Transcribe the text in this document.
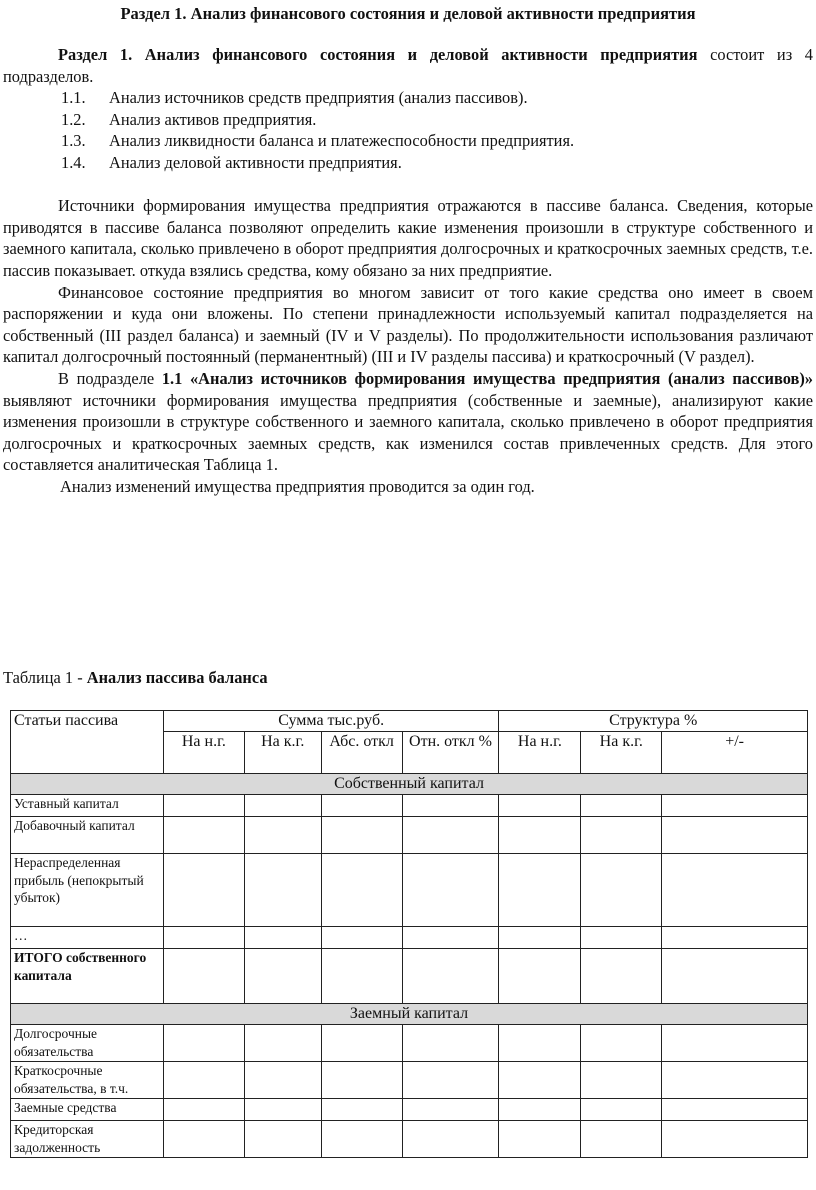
Раздел 1. Анализ финансового состояния и деловой активности предприятия

Раздел 1. Анализ финансового состояния и деловой активности предприятия состоит из 4 подразделов.

1.1.	Анализ источников средств предприятия (анализ пассивов).
1.2.	Анализ активов предприятия.
1.3.	Анализ ликвидности баланса и платежеспособности предприятия.
1.4.	Анализ деловой активности предприятия.

Источники формирования имущества предприятия отражаются в пассиве баланса. Сведения, которые приводятся в пассиве баланса позволяют определить какие изменения произошли в структуре собственного и заемного капитала, сколько привлечено в оборот предприятия долгосрочных и краткосрочных заемных средств, т.е. пассив показывает. откуда взялись средства, кому обязано за них предприятие.

Финансовое состояние предприятия во многом зависит от того какие средства оно имеет в своем распоряжении и куда они вложены. По степени принадлежности используемый капитал подразделяется на собственный (III раздел баланса) и заемный (IV и V разделы). По продолжительности использования различают капитал долгосрочный постоянный (перманентный) (III и IV разделы пассива) и краткосрочный (V раздел).

В подразделе 1.1 «Анализ источников формирования имущества предприятия (анализ пассивов)» выявляют источники формирования имущества предприятия (собственные и заемные), анализируют какие изменения произошли в структуре собственного и заемного капитала, сколько привлечено в оборот предприятия долгосрочных и краткосрочных заемных средств, как изменился состав привлеченных средств. Для этого составляется аналитическая Таблица 1.

Анализ изменений имущества предприятия проводится за один год.

Таблица 1 - Анализ пассива баланса

Статьи пассива	Сумма тыс.руб.				Структура %		
	На н.г.	На к.г.	Абс. откл	Отн. откл %	На н.г.	На к.г.	+/-
Собственный капитал							
Уставный капитал							
Добавочный капитал							
Нераспределенная прибыль (непокрытый убыток)							
…							
ИТОГО собственного капитала							
Заемный капитал							
Долгосрочные обязательства							
Краткосрочные обязательства, в т.ч.							
Заемные средства							
Кредиторская задолженность							
